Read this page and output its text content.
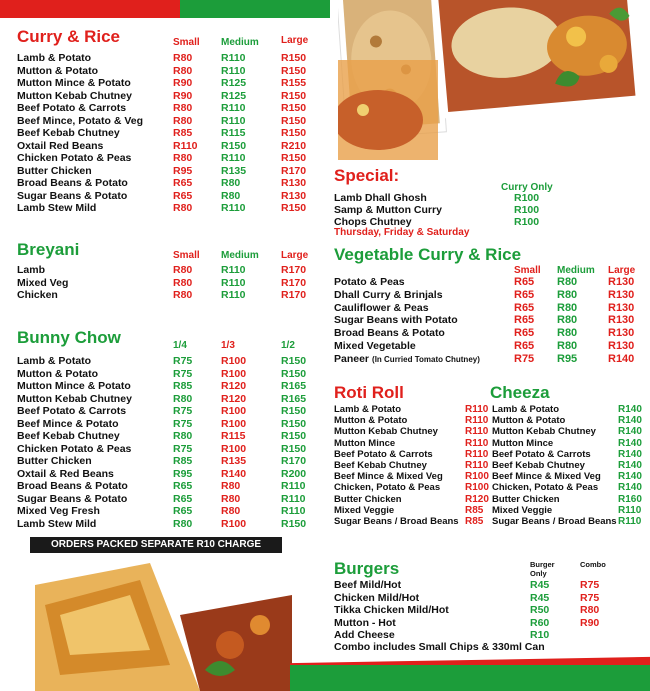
Curry & Rice	Small Medium Large
Lamb & Potato	R80	R110	R150
Mutton & Potato	R80	R110	R150
Mutton Mince & Potato	R90	R125	R155
Mutton Kebab Chutney	R90	R125	R150
Beef Potato & Carrots	R80	R110	R150
Beef Mince, Potato & Veg	R80	R110	R150
Beef Kebab Chutney	R85	R115	R150
Oxtail Red Beans	R110 R150	R210
Chicken Potato & Peas	R80	R110	R150
Butter Chicken	R95	R135	R170
Broad Beans & Potato	R65	R80	R130
Sugar Beans & Potato	R65	R80	R130
Lamb Stew Mild	R80	R110	R150
Breyani	Small Medium Large
Lamb	R80	R110	R170
Mixed Veg	R80	R110	R170
Chicken	R80	R110	R170
Bunny Chow	1/4	1/3	1/2
Lamb & Potato	R75	R100	R150
Mutton & Potato	R75	R100	R150
Mutton Mince & Potato	R85	R120	R165
Mutton Kebab Chutney	R80	R120	R165
Beef Potato & Carrots	R75	R100	R150
Beef Mince & Potato	R75	R100	R150
Beef Kebab Chutney	R80	R115	R150
Chicken Potato & Peas	R75	R100	R150
Butter Chicken	R85	R135	R170
Oxtail & Red Beans	R95	R140	R200
Broad Beans & Potato	R65	R80	R110
Sugar Beans & Potato	R65	R80	R110
Mixed Veg Fresh	R65	R80	R110
Lamb Stew Mild	R80	R100	R150
ORDERS PACKED SEPARATE R10 CHARGE
Special:
Curry Only
Lamb Dhall Ghosh	R100
Samp & Mutton Curry	R100
Chops Chutney	R100
Thursday, Friday & Saturday
Vegetable Curry & Rice
Small Medium Large
Potato & Peas	R65 R80	R130
Dhall Curry & Brinjals	R65 R80	R130
Cauliflower & Peas	R65 R80	R130
Sugar Beans with Potato	R65 R80	R130
Broad Beans & Potato	R65 R80	R130
Mixed Vegetable	R65 R80	R130
Paneer (In Curried Tomato Chutney)	R75 R95	R140
Roti Roll
Lamb & Potato	R110
Mutton & Potato	R110
Mutton Kebab Chutney	R110
Mutton Mince	R110
Beef Potato & Carrots	R110
Beef Kebab Chutney	R110
Beef Mince & Mixed Veg R100
Chicken, Potato & Peas R100
Butter Chicken	R120
Mixed Veggie	R85
Sugar Beans / Broad Beans R85
Cheeza
Lamb & Potato	R140
Mutton & Potato	R140
Mutton Kebab Chutney R140
Mutton Mince	R140
Beef Potato & Carrots	R140
Beef Kebab Chutney	R140
Beef Mince & Mixed Veg R140
Chicken, Potato & Peas R140
Butter Chicken	R160
Mixed Veggie	R110
Sugar Beans / Broad Beans R110
Burgers	Burger Only
Combo
Beef Mild/Hot	R45	R75
Chicken Mild/Hot	R45	R75
Tikka Chicken Mild/Hot	R50	R80
Mutton - Hot	R60	R90
Add Cheese	R10
Combo includes Small Chips & 330ml Can
